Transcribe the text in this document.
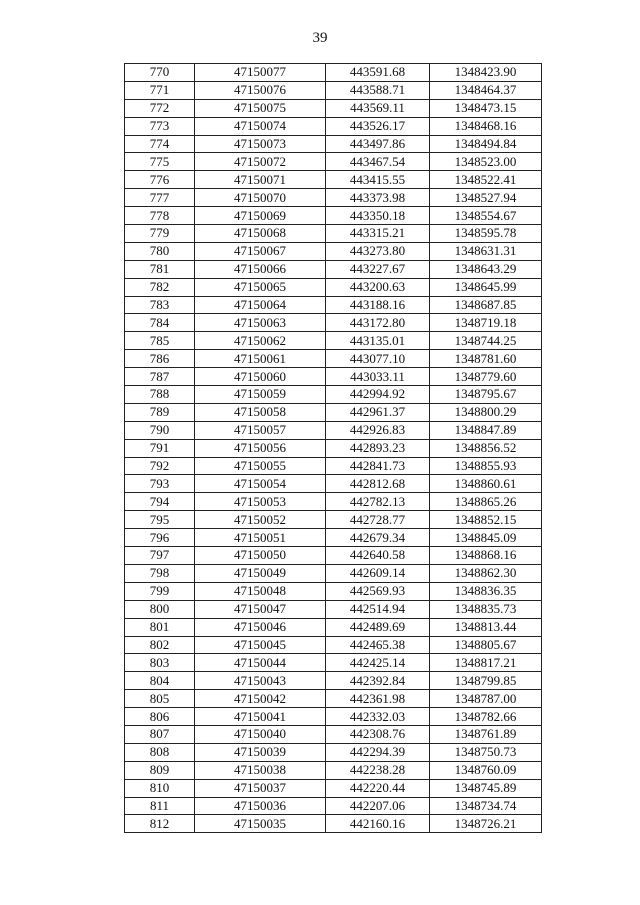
39
770	47150077	443591.68	1348423.90
771	47150076	443588.71	1348464.37
772	47150075	443569.11	1348473.15
773	47150074	443526.17	1348468.16
774	47150073	443497.86	1348494.84
775	47150072	443467.54	1348523.00
776	47150071	443415.55	1348522.41
777	47150070	443373.98	1348527.94
778	47150069	443350.18	1348554.67
779	47150068	443315.21	1348595.78
780	47150067	443273.80	1348631.31
781	47150066	443227.67	1348643.29
782	47150065	443200.63	1348645.99
783	47150064	443188.16	1348687.85
784	47150063	443172.80	1348719.18
785	47150062	443135.01	1348744.25
786	47150061	443077.10	1348781.60
787	47150060	443033.11	1348779.60
788	47150059	442994.92	1348795.67
789	47150058	442961.37	1348800.29
790	47150057	442926.83	1348847.89
791	47150056	442893.23	1348856.52
792	47150055	442841.73	1348855.93
793	47150054	442812.68	1348860.61
794	47150053	442782.13	1348865.26
795	47150052	442728.77	1348852.15
796	47150051	442679.34	1348845.09
797	47150050	442640.58	1348868.16
798	47150049	442609.14	1348862.30
799	47150048	442569.93	1348836.35
800	47150047	442514.94	1348835.73
801	47150046	442489.69	1348813.44
802	47150045	442465.38	1348805.67
803	47150044	442425.14	1348817.21
804	47150043	442392.84	1348799.85
805	47150042	442361.98	1348787.00
806	47150041	442332.03	1348782.66
807	47150040	442308.76	1348761.89
808	47150039	442294.39	1348750.73
809	47150038	442238.28	1348760.09
810	47150037	442220.44	1348745.89
811	47150036	442207.06	1348734.74
812	47150035	442160.16	1348726.21
